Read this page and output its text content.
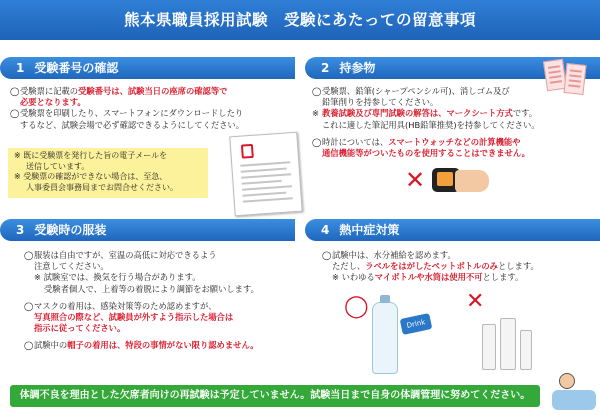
熊本県職員採用試験　受験にあたっての留意事項
1 受験番号の確認
◯受験票に記載の受験番号は、試験当日の座席の確認等で
必要となります。
◯受験票を印刷したり、スマートフォンにダウンロードしたり
するなど、試験会場で必ず確認できるようにしてください。
※ 既に受験票を発行した旨の電子メールを
送信しています。
※ 受験票の確認ができない場合は、至急、
人事委員会事務局までお問合せください。
2 持参物
◯受験票、鉛筆(シャープペンシル可)、消しゴム及び
鉛筆削りを持参してください。
※ 教養試験及び専門試験の解答は、マークシート方式です。
これに適した筆記用具(HB鉛筆推奨)を持参してください。
◯時計については、スマートウォッチなどの計算機能や
通信機能等がついたものを使用することはできません。
✕
3 受験時の服装
◯服装は自由ですが、室温の高低に対応できるよう
注意してください。
※ 試験室では、換気を行う場合があります。
受験者個人で、上着等の着脱により調節をお願いします。
◯マスクの着用は、感染対策等のため認めますが、
写真照合の際など、試験員が外すよう指示した場合は
指示に従ってください。
◯試験中の帽子の着用は、特段の事情がない限り認めません。
4 熱中症対策
◯試験中は、水分補給を認めます。
ただし、ラベルをはがしたペットボトルのみとします。
※ いわゆるマイボトルや水筒は使用不可とします。
◯
Drink
✕
体調不良を理由とした欠席者向けの再試験は予定していません。試験当日まで自身の体調管理に努めてください。
